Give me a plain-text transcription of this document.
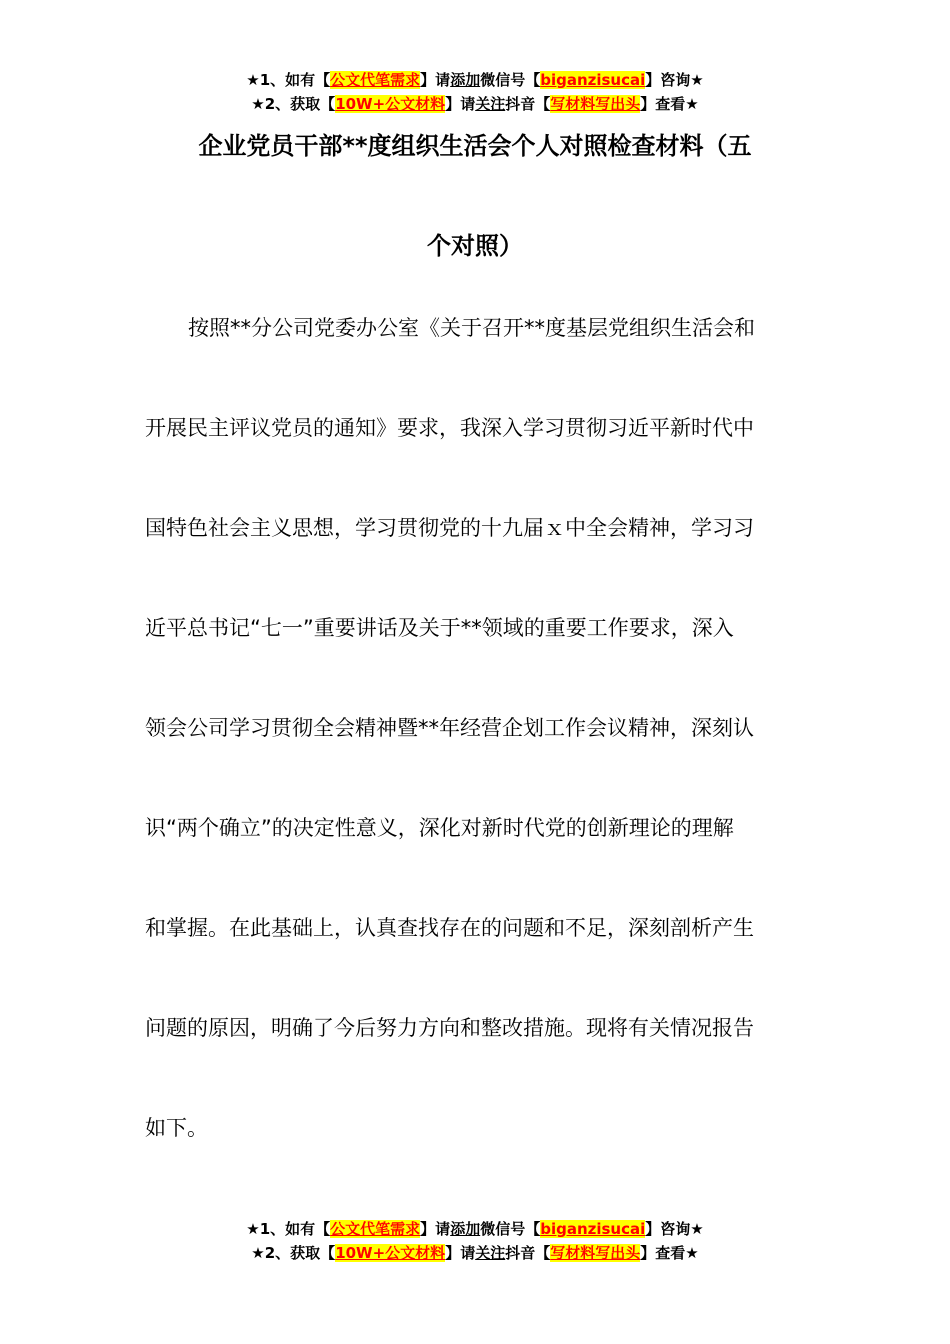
★1、如有【公文代笔需求】请添加微信号【biganzisucai】咨询★
★2、获取【10W+公文材料】请关注抖音【写材料写出头】查看★
企业党员干部**度组织生活会个人对照检查材料（五
个对照）
按照**分公司党委办公室《关于召开**度基层党组织生活会和
开展民主评议党员的通知》要求，我深入学习贯彻习近平新时代中
国特色社会主义思想，学习贯彻党的十九届ｘ中全会精神，学习习
近平总书记“七一”重要讲话及关于**领域的重要工作要求，深入
领会公司学习贯彻全会精神暨**年经营企划工作会议精神，深刻认
识“两个确立”的决定性意义，深化对新时代党的创新理论的理解
和掌握。在此基础上，认真查找存在的问题和不足，深刻剖析产生
问题的原因，明确了今后努力方向和整改措施。现将有关情况报告
如下。
★1、如有【公文代笔需求】请添加微信号【biganzisucai】咨询★
★2、获取【10W+公文材料】请关注抖音【写材料写出头】查看★
